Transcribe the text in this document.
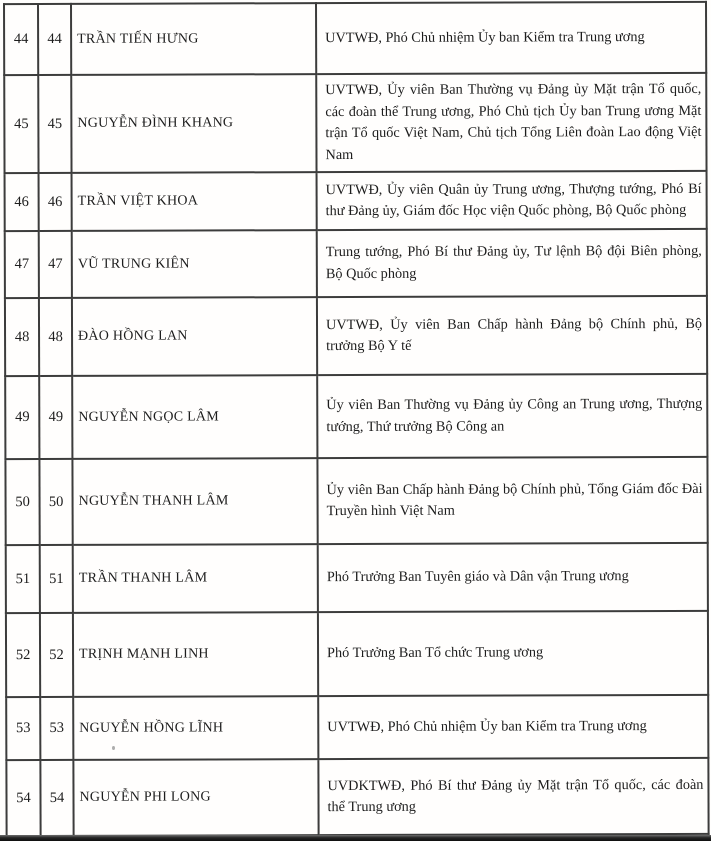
44	44	TRẦN TIẾN HƯNG	UVTWĐ, Phó Chủ nhiệm Ủy ban Kiểm tra Trung ương
45	45	NGUYỄN ĐÌNH KHANG	UVTWĐ, Ủy viên Ban Thường vụ Đảng ủy Mặt trận Tổ quốc, các đoàn thể Trung ương, Phó Chủ tịch Ủy ban Trung ương Mặt trận Tổ quốc Việt Nam, Chủ tịch Tổng Liên đoàn Lao động Việt Nam
46	46	TRẦN VIỆT KHOA	UVTWĐ, Ủy viên Quân ủy Trung ương, Thượng tướng, Phó Bí thư Đảng ủy, Giám đốc Học viện Quốc phòng, Bộ Quốc phòng
47	47	VŨ TRUNG KIÊN	Trung tướng, Phó Bí thư Đảng ủy, Tư lệnh Bộ đội Biên phòng, Bộ Quốc phòng
48	48	ĐÀO HỒNG LAN	UVTWĐ, Ủy viên Ban Chấp hành Đảng bộ Chính phủ, Bộ trưởng Bộ Y tế
49	49	NGUYỄN NGỌC LÂM	Ủy viên Ban Thường vụ Đảng ủy Công an Trung ương, Thượng tướng, Thứ trưởng Bộ Công an
50	50	NGUYỄN THANH LÂM	Ủy viên Ban Chấp hành Đảng bộ Chính phủ, Tổng Giám đốc Đài Truyền hình Việt Nam
51	51	TRẦN THANH LÂM	Phó Trưởng Ban Tuyên giáo và Dân vận Trung ương
52	52	TRỊNH MẠNH LINH	Phó Trưởng Ban Tổ chức Trung ương
53	53	NGUYỄN HỒNG LĨNH	UVTWĐ, Phó Chủ nhiệm Ủy ban Kiểm tra Trung ương
54	54	NGUYỄN PHI LONG	UVDKTWĐ, Phó Bí thư Đảng ủy Mặt trận Tổ quốc, các đoàn thể Trung ương
